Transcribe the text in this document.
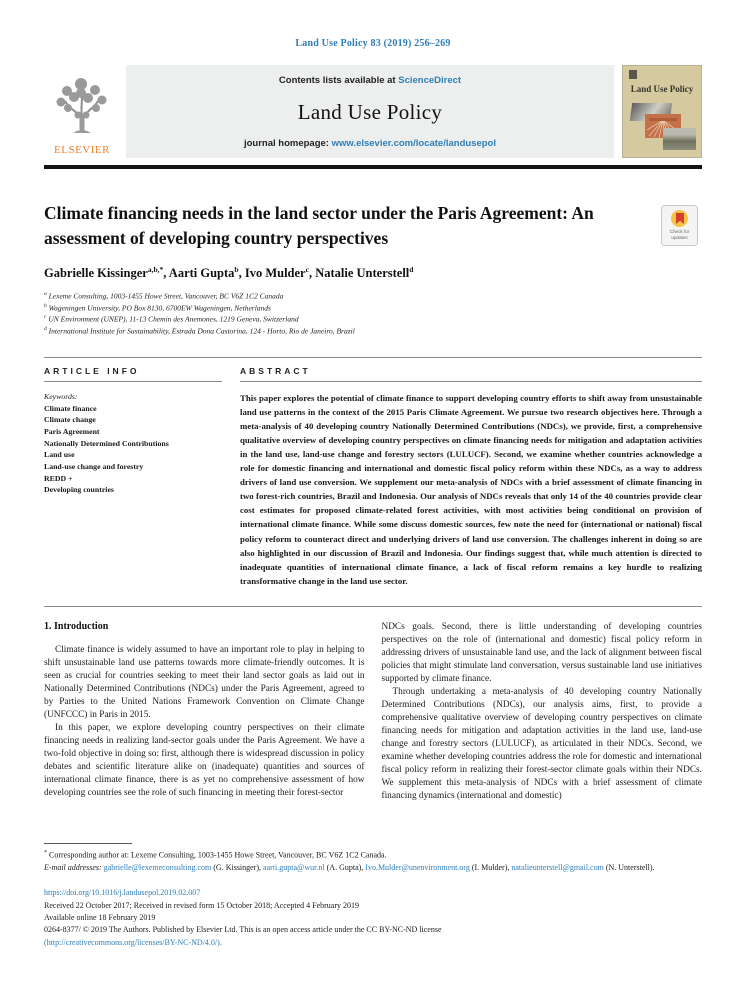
Land Use Policy 83 (2019) 256–269
ELSEVIER
Contents lists available at ScienceDirect
Land Use Policy
journal homepage: www.elsevier.com/locate/landusepol
Land Use Policy
Climate financing needs in the land sector under the Paris Agreement: An assessment of developing country perspectives	Check for updates
Gabrielle Kissinger$^{a,b,*}$, Aarti Gupta$^b$, Ivo Mulder$^c$, Natalie Unterstell$^d$
$^a$ Lexeme Consulting, 1003-1455 Howe Street, Vancouver, BC V6Z 1C2 Canada
$^b$ Wageningen University, PO Box 8130, 6700EW Wageningen, Netherlands
$^c$ UN Environment (UNEP), 11-13 Chemin des Anemones, 1219 Geneva, Switzerland
$^d$ International Institute for Sustainability, Estrada Dona Castorina, 124 - Horto, Rio de Janeiro, Brazil
ARTICLE INFO
Keywords:
Climate finance
Climate change
Paris Agreement
Nationally Determined Contributions
Land use
Land-use change and forestry
REDD +
Developing countries
ABSTRACT
This paper explores the potential of climate finance to support developing country efforts to shift away from unsustainable land use patterns in the context of the 2015 Paris Climate Agreement. We pursue two research objectives here. Through a meta-analysis of 40 developing country Nationally Determined Contributions (NDCs), we provide, first, a comprehensive qualitative overview of developing country perspectives on climate financing needs for mitigation and adaptation activities in the land use, land-use change and forestry sectors (LULUCF). Second, we examine whether countries acknowledge a role for domestic financing and international and domestic fiscal policy reform within these NDCs, as a way to address drivers of land use conversion. We supplement our meta-analysis of NDCs with a brief assessment of climate financing in two forest-rich countries, Brazil and Indonesia. Our analysis of NDCs reveals that only 14 of the 40 countries provide clear cost estimates for proposed climate-related forest activities, with most activities being conditional on provision of international climate finance. While some discuss domestic sources, few note the need for (international or national) fiscal policy reform to counteract direct and underlying drivers of land use conversion. The challenges inherent in doing so are also highlighted in our discussion of Brazil and Indonesia. Our findings suggest that, while much attention is directed to inadequate quantities of international climate finance, a lack of fiscal reform remains a key hurdle to realizing transformative change in the land use sector.
1. Introduction

Climate finance is widely assumed to have an important role to play in helping to shift unsustainable land use patterns towards more climate-friendly outcomes. It is seen as crucial for countries seeking to meet their land sector goals as laid out in Nationally Determined Contributions (NDCs) under the Paris Agreement, agreed to by Parties to the United Nations Framework Convention on Climate Change (UNFCCC) in Paris in 2015.

In this paper, we explore developing country perspectives on their climate financing needs in realizing land-sector goals under the Paris Agreement. We have a two-fold objective in doing so: first, although there is widespread discussion in policy debates and scientific literature alike on (inadequate) quantities and sources of international climate finance, there is as yet no comprehensive assessment of how developing countries see the role of such financing in meeting their forest-sector

NDCs goals. Second, there is little understanding of developing countries perspectives on the role of (international and domestic) fiscal policy reform in addressing drivers of unsustainable land use, and the lack of alignment between fiscal policies that might stimulate land conversation, versus sustainable land use initiatives supported by climate finance.

Through undertaking a meta-analysis of 40 developing country Nationally Determined Contributions (NDCs), our analysis aims, first, to provide a comprehensive qualitative overview of developing country perspectives on climate financing needs for mitigation and adaptation activities in the land use, land-use change and forestry sectors (LULUCF), as articulated in their NDCs. Second, we examine whether developing countries address the role for domestic and international fiscal policy reform in realizing their forest-sector climate goals within their NDCs. We supplement this meta-analysis of NDCs with a brief assessment of climate financing dynamics (international and domestic)

* Corresponding author at: Lexeme Consulting, 1003-1455 Howe Street, Vancouver, BC V6Z 1C2 Canada.
E-mail addresses: gabrielle@lexemeconsulting.com (G. Kissinger), aarti.gupta@wur.nl (A. Gupta), Ivo.Mulder@unenvironment.org (I. Mulder), natalieunterstell@gmail.com (N. Unterstell).
https://doi.org/10.1016/j.landusepol.2019.02.007
Received 22 October 2017; Received in revised form 15 October 2018; Accepted 4 February 2019
Available online 18 February 2019
0264-8377/ © 2019 The Authors. Published by Elsevier Ltd. This is an open access article under the CC BY-NC-ND license
(http://creativecommons.org/licenses/BY-NC-ND/4.0/).
